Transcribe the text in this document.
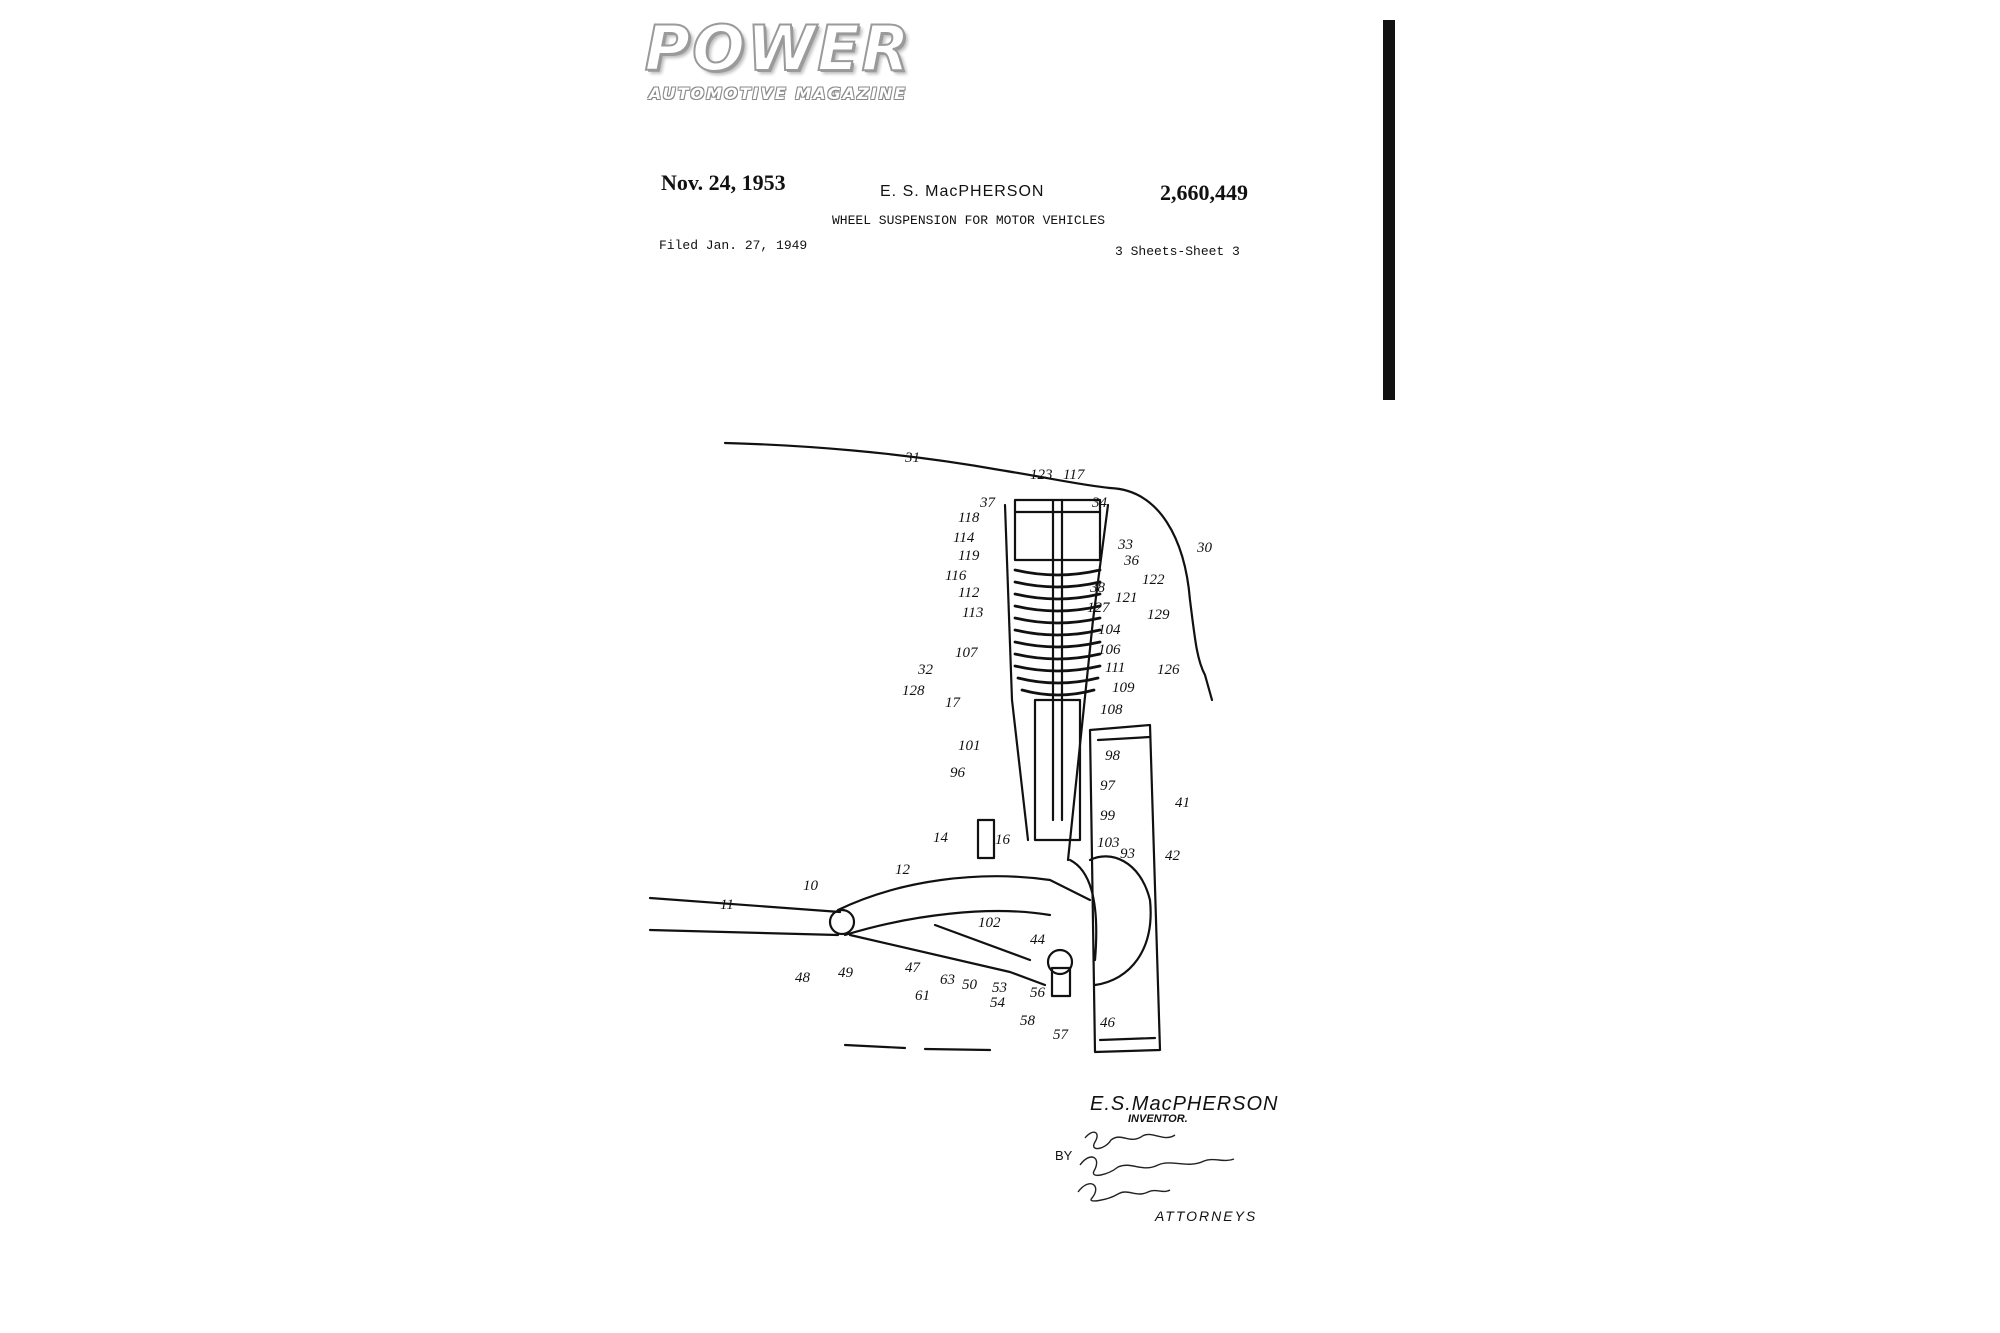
POWER
AUTOMOTIVE MAGAZINE
Nov. 24, 1953	E. S. MacPHERSON	2,660,449
WHEEL SUSPENSION FOR MOTOR VEHICLES
Filed Jan. 27, 1949	3 Sheets-Sheet 3
31
123 117
37	34
118
114
119
116
112
113
107
32
128
17
101
96
14	16
12
11
10
48 49	47
61
63 50 53
54
56
58
57
46
33
36
122
38
121
127	129
104
106
111 126
109
108
98
97
99
41
103
93 42
102
44
30
E.S.MacPHERSON
INVENTOR.
BY
ATTORNEYS
